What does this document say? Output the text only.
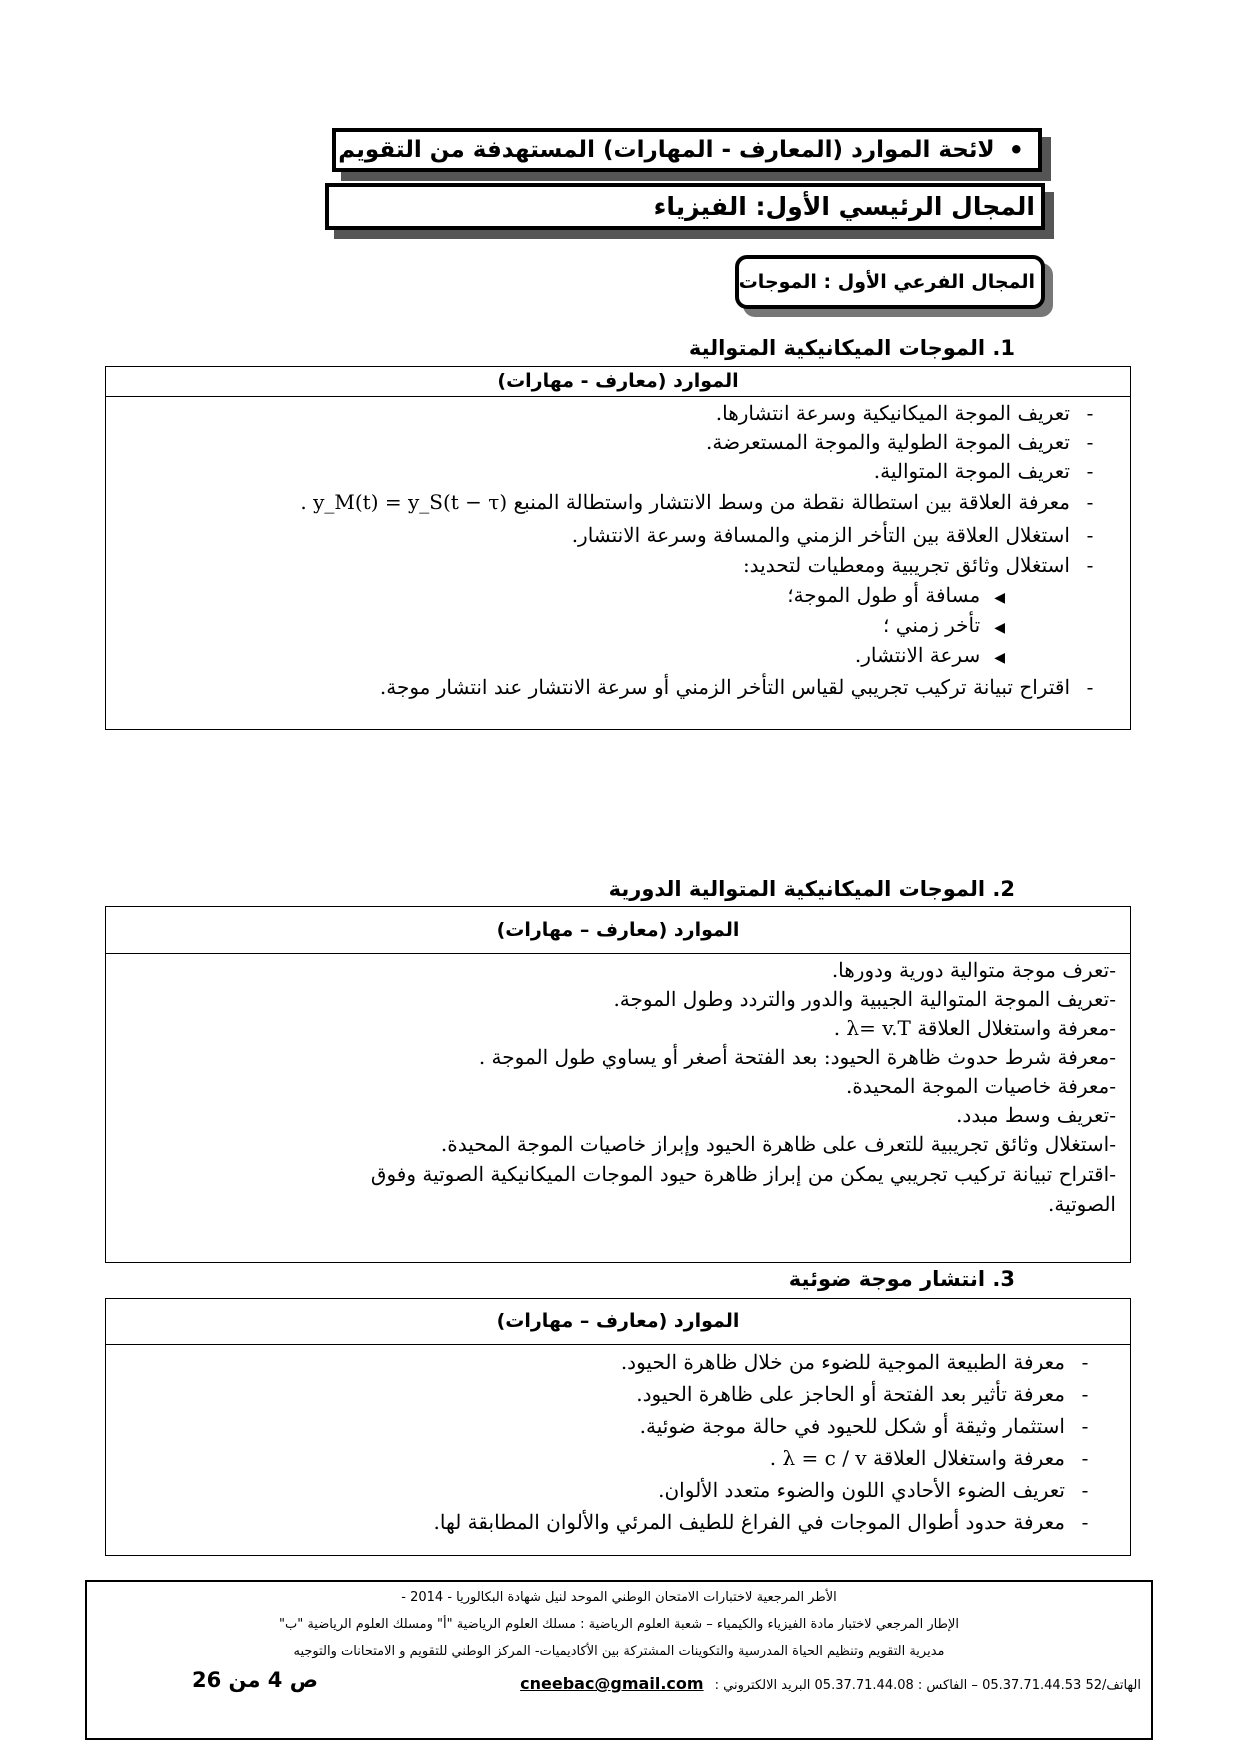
•
لائحة الموارد (المعارف - المهارات) المستهدفة من التقويم
المجال الرئيسي الأول: الفيزياء
المجال الفرعي الأول : الموجات
1. الموجات الميكانيكية المتوالية
الموارد (معارف - مهارات)
-تعريف الموجة الميكانيكية وسرعة انتشارها.
-تعريف الموجة الطولية والموجة المستعرضة.
-تعريف الموجة المتوالية.
-معرفة العلاقة بين استطالة نقطة من وسط الانتشار واستطالة المنبع y_M(t) = y_S(t − τ) .
-استغلال العلاقة بين التأخر الزمني والمسافة وسرعة الانتشار.
-استغلال وثائق تجريبية ومعطيات لتحديد:
◀مسافة أو طول الموجة؛
◀تأخر زمني ؛
◀سرعة الانتشار.
-اقتراح تبيانة تركيب تجريبي لقياس التأخر الزمني أو سرعة الانتشار عند انتشار موجة.
2. الموجات الميكانيكية المتوالية الدورية
الموارد (معارف – مهارات)
-تعرف موجة متوالية دورية ودورها.
-تعريف الموجة المتوالية الجيبية والدور والتردد وطول الموجة.
-معرفة واستغلال العلاقة λ= v.T .
-معرفة شرط حدوث ظاهرة الحيود: بعد الفتحة أصغر أو يساوي طول الموجة .
-معرفة خاصيات الموجة المحيدة.
-تعريف وسط مبدد.
-استغلال وثائق تجريبية للتعرف على ظاهرة الحيود وإبراز خاصيات الموجة المحيدة.
-اقتراح تبيانة تركيب تجريبي يمكن من إبراز ظاهرة حيود الموجات الميكانيكية الصوتية وفوق
الصوتية.
3. انتشار موجة ضوئية
الموارد (معارف – مهارات)
-معرفة الطبيعة الموجية للضوء من خلال ظاهرة الحيود.
-معرفة تأثير بعد الفتحة أو الحاجز على ظاهرة الحيود.
-استثمار وثيقة أو شكل للحيود في حالة موجة ضوئية.
-معرفة واستغلال العلاقة λ = c / v .
-تعريف الضوء الأحادي اللون والضوء متعدد الألوان.
-معرفة حدود أطوال الموجات في الفراغ للطيف المرئي والألوان المطابقة لها.
الأطر المرجعية لاختبارات الامتحان الوطني الموحد لنيل شهادة البكالوريا - 2014 -
الإطار المرجعي لاختبار مادة الفيزياء والكيمياء – شعبة العلوم الرياضية : مسلك العلوم الرياضية "أ" ومسلك العلوم الرياضية "ب"
مديرية التقويم وتنظيم الحياة المدرسية والتكوينات المشتركة بين الأكاديميات- المركز الوطني للتقويم و الامتحانات والتوجيه
الهاتف/52 05.37.71.44.53 – الفاكس : 05.37.71.44.08 البريد الالكتروني : cneebac@gmail.com
ص 4 من 26
